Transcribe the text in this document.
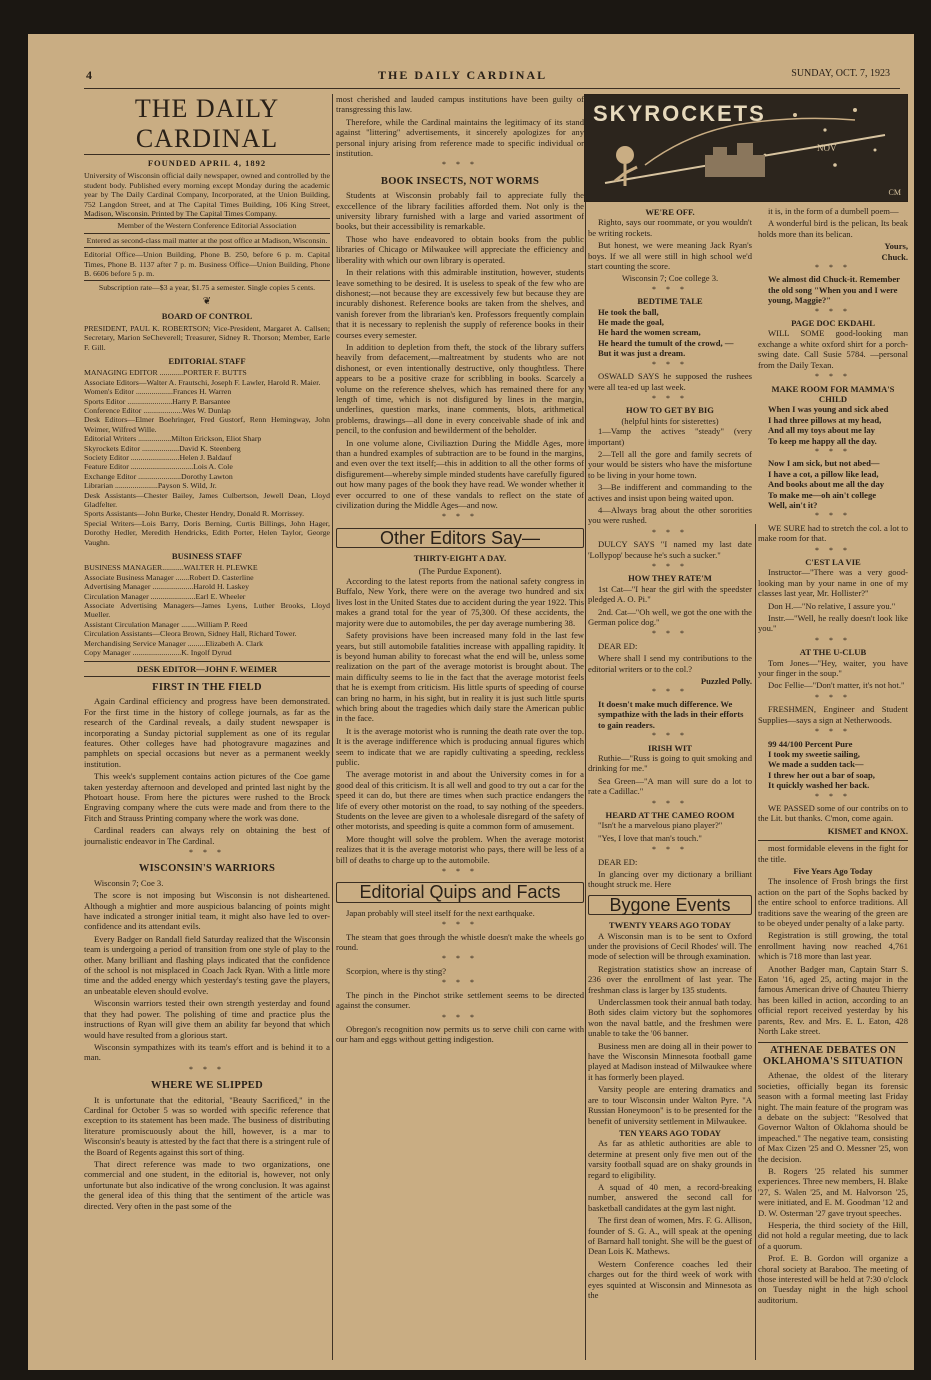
4	THE DAILY CARDINAL	SUNDAY, OCT. 7, 1923
THE DAILY CARDINAL
FOUNDED APRIL 4, 1892
University of Wisconsin official daily newspaper, owned and controlled by the student body. Published every morning except Monday during the academic year by The Daily Cardinal Company, Incorporated, at the Union Building, 752 Langdon Street, and at The Capital Times Building, 106 King Street, Madison, Wisconsin. Printed by The Capital Times Company.
Member of the Western Conference Editorial Association
Entered as second-class mail matter at the post office at Madison, Wisconsin.
Editorial Office—Union Building, Phone B. 250, before 6 p. m. Capital Times, Phone B. 1137 after 7 p. m. Business Office—Union Building, Phone B. 6606 before 5 p. m.
Subscription rate—$3 a year, $1.75 a semester. Single copies 5 cents.
❦
BOARD OF CONTROL
PRESIDENT, PAUL K. ROBERTSON; Vice-President, Margaret A. Callsen; Secretary, Marion SeCheverell; Treasurer, Sidney R. Thorson; Member, Earle F. Gill.
EDITORIAL STAFF
MANAGING EDITOR ............PORTER F. BUTTS
Associate Editors—Walter A. Frautschi, Joseph F. Lawler, Harold R. Maier.
Women's Editor ...................Frances H. Warren
Sports Editor .......................Harry P. Barsantee
Conference Editor ....................Wes W. Dunlap
Desk Editors—Elmer Boehringer, Fred Gustorf, Renn Hemingway, John Weimer, Wilfred Wille.
Editorial Writers .................Milton Erickson, Eliot Sharp
Skyrockets Editor ...................David K. Steenberg
Society Editor .........................Helen J. Baldauf
Feature Editor ................................Lois A. Cole
Exchange Editor ......................Dorothy Lawton
Librarian ......................Payson S. Wild, Jr.
Desk Assistants—Chester Bailey, James Culbertson, Jewell Dean, Lloyd Gladfelter.
Sports Assistants—John Burke, Chester Hendry, Donald R. Morrissey.
Special Writers—Lois Barry, Doris Berning, Curtis Billings, John Hager, Dorothy Hedler, Meredith Hendricks, Edith Porter, Helen Taylor, George Vaughn.
BUSINESS STAFF
BUSINESS MANAGER...........WALTER H. PLEWKE
Associate Business Manager .......Robert D. Casterline
Advertising Manager .....................Harold H. Laskey
Circulation Manager .......................Earl E. Wheeler
Associate Advertising Managers—James Lyens, Luther Brooks, Lloyd Mueller.
Assistant Circulation Manager ........William P. Reed
Circulation Assistants—Cleora Brown, Sidney Hall, Richard Tower.
Merchandising Service Manager .........Elizabeth A. Clark
Copy Manager .........................K. Ingolf Dyrud
DESK EDITOR—JOHN F. WEIMER
FIRST IN THE FIELD

Again Cardinal efficiency and progress have been demonstrated. For the first time in the history of college journals, as far as the research of the Cardinal reveals, a daily student newspaper is incorporating a Sunday pictorial supplement as one of its regular features. Other colleges have had photogravure magazines and pamphlets on special occasions but never as a permanent weekly institution.

This week's supplement contains action pictures of the Coe game taken yesterday afternoon and developed and printed last night by the Photoart house. From here the pictures were rushed to the Brock Engraving company where the cuts were made and from there to the Fitch and Strauss Printing company where the work was done.

Cardinal readers can always rely on obtaining the best of journalistic endeavor in The Cardinal.

* * *
WISCONSIN'S WARRIORS

Wisconsin 7; Coe 3.

The score is not imposing but Wisconsin is not disheartened. Although a mightier and more auspicious balancing of points might have indicated a stronger initial team, it might also have led to over-confidence and its attendant evils.

Every Badger on Randall field Saturday realized that the Wisconsin team is undergoing a period of transition from one style of play to the other. Many brilliant and flashing plays indicated that the confidence of the school is not misplaced in Coach Jack Ryan. With a little more time and the added energy which yesterday's testing gave the players, an unbeatable eleven should evolve.

Wisconsin warriors tested their own strength yesterday and found that they had power. The polishing of time and practice plus the instructions of Ryan will give them an ability far beyond that which would have resulted from a glorious start.

Wisconsin sympathizes with its team's effort and is behind it to a man.

* * *
WHERE WE SLIPPED

It is unfortunate that the editorial, "Beauty Sacrificed," in the Cardinal for October 5 was so worded with specific reference that exception to its statement has been made. The business of distributing literature promiscuously about the hill, however, is a mar to Wisconsin's beauty is attested by the fact that there is a stringent rule of the Board of Regents against this sort of thing.

That direct reference was made to two organizations, one commercial and one student, in the editorial is, however, not only unfortunate but also indicative of the wrong conclusion. It was against the general idea of this thing that the sentiment of the article was directed. Very often in the past some of the

most cherished and lauded campus institutions have been guilty of transgressing this law.

Therefore, while the Cardinal maintains the legitimacy of its stand against "littering" advertisements, it sincerely apologizes for any personal injury arising from reference made to specific individual or institution.

* * *
BOOK INSECTS, NOT WORMS

Students at Wisconsin probably fail to appreciate fully the exccellence of the library facilities afforded them. Not only is the university library furnished with a large and varied assortment of books, but their accessibility is remarkable.

Those who have endeavored to obtain books from the public libraries of Chicago or Milwaukee will appreciate the efficiency and liberality with which our own library is operated.

In their relations with this admirable institution, however, students leave something to be desired. It is useless to speak of the few who are dishonest;—not because they are excessively few but because they are incurably dishonest. Reference books are taken from the shelves, and vanish forever from the librarian's ken. Professors frequently complain that it is necessary to replenish the supply of reference books in their courses every semester.

In addition to depletion from theft, the stock of the library suffers heavily from defacement,—maltreatment by students who are not dishonest, or even intentionally destructive, only thoughtless. There appears to be a positive craze for scribbling in books. Scarcely a volume on the reference shelves, which has remained there for any length of time, which is not disfigured by lines in the margin, underlines, question marks, inane comments, blots, arithmetical problems, drawings—all done in every conceivable shade of ink and pencil, to the confusion and bewilderment of the beholder.

In one volume alone, Civiliaztion During the Middle Ages, more than a hundred examples of subtraction are to be found in the margins, and even over the text itself;—this in addition to all the other forms of disfigurement—whereby simple minded students have carefully figured out how many pages of the book they have read. We wonder whether it ever occurred to one of these vandals to reflect on the state of civilization during the Middle Ages—and now.

* * *
Other Editors Say—
THIRTY-EIGHT A DAY.
(The Purdue Exponent).

According to the latest reports from the national safety congress in Buffalo, New York, there were on the average two hundred and six lives lost in the United States due to accident during the year 1922. This makes a grand total for the year of 75,300. Of these accidents, the majority were due to automobiles, the per day average numbering 38.

Safety provisions have been increased many fold in the last few years, but still automobile fatalities increase with appalling rapidity. It is beyond human ability to forecast what the end will be, unless some realization on the part of the average motorist is brought about. The main difficulty seems to lie in the fact that the average motorist feels that he is exempt from criticism. His little spurts of speeding of course can bring no harm, in his sight, but in reality it is just such little spurts which bring about the tragedies which daily stare the American public in the face.

It is the average motorist who is running the death rate over the top. It is the average indifference which is producing annual figures which seem to indicate that we are rapidly cultivating a speeding, reckless public.

The average motorist in and about the University comes in for a good deal of this criticism. It is all well and good to try out a car for the speed it can do, but there are times when such practice endangers the life of every other motorist on the road, to say nothing of the speeders. Students on the levee are given to a wholesale disregard of the safety of other motorists, and speeding is quite a common form of amusement.

More thought will solve the problem. When the average motorist realizes that it is the average motorist who pays, there will be less of a bill of deaths to charge up to the automobile.

* * *
Editorial Quips and Facts

Japan probably will steel itself for the next earthquake.

* * *

The steam that goes through the whistle doesn't make the wheels go round.

* * *

Scorpion, where is thy sting?

* * *

The pinch in the Pinchot strike settlement seems to be directed against the consumer.

* * *

Obregon's recognition now permits us to serve chili con carne with our ham and eggs without getting indigestion.

SKYROCKETS
NOV
CM
WE'RE OFF.

Righto, says our roommate, or you wouldn't be writing rockets.

But honest, we were meaning Jack Ryan's boys. If we all were still in high school we'd start counting the score.

Wisconsin 7; Coe college 3.
* * *
BEDTIME TALE
He took the ball,
He made the goal,
He hard the women scream,
He heard the tumult of the crowd, —
But it was just a dream.
* * *

OSWALD SAYS he supposed the rushees were all tea-ed up last week.

* * *
HOW TO GET BY BIG
(helpful hints for sisterettes)

1—Vamp the actives "steady" (very important)

2—Tell all the gore and family secrets of your would be sisters who have the misfortune to be living in your home town.

3—Be indifferent and commanding to the actives and insist upon being waited upon.

4—Always brag about the other sororities you were rushed.

* * *

DULCY SAYS "I named my last date 'Lollypop' because he's such a sucker."

* * *
HOW THEY RATE'M

1st Cat—"I hear the girl with the speedster pledged A. O. Pi."

2nd. Cat—"Oh well, we got the one with the German police dog."

* * *

DEAR ED:

Where shall I send my contributions to the editorial writers or to the col.?

Puzzled Polly.
* * *
It doesn't make much difference. We sympathize with the lads in their efforts to gain readers.
* * *
IRISH WIT

Ruthie—"Russ is going to quit smoking and drinking for me."

Sea Green—"A man will sure do a lot to rate a Cadillac."

* * *
HEARD AT THE CAMEO ROOM

"Isn't he a marvelous piano player?"

"Yes, I love that man's touch."

* * *

DEAR ED:

In glancing over my dictionary a brilliant thought struck me. Here

Bygone Events
TWENTY YEARS AGO TODAY

A Wisconsin man is to be sent to Oxford under the provisions of Cecil Rhodes' will. The mode of selection will be through examination.

Registration statistics show an increase of 236 over the enrollment of last year. The freshman class is larger by 135 students.

Underclassmen took their annual bath today. Both sides claim victory but the sophomores won the naval battle, and the freshmen were unable to take the '06 banner.

Business men are doing all in their power to have the Wisconsin Minnesota football game played at Madison instead of Milwaukee where it has formerly been played.

Varsity people are entering dramatics and are to tour Wisconsin under Walton Pyre. "A Russian Honeymoon" is to be presented for the benefit of university settlement in Milwaukee.

TEN YEARS AGO TODAY

As far as athletic authorities are able to determine at present only five men out of the varsity football squad are on shaky grounds in regard to eligibility.

A squad of 40 men, a record-breaking number, answered the second call for basketball candidates at the gym last night.

The first dean of women, Mrs. F. G. Allison, founder of S. G. A., will speak at the opening of Barnard hall tonight. She will be the guest of Dean Lois K. Mathews.

Western Conference coaches led their charges out for the third week of work with eyes squinted at Wisconsin and Minnesota as the

it is, in the form of a dumbell poem—

A wonderful bird is the pelican, Its beak holds more than its belican.

Yours,
Chuck.
* * *
We almost did Chuck-it. Remember the old song "When you and I were young, Maggie?"
* * *
PAGE DOC EKDAHL

WILL SOME good-looking man exchange a white oxford shirt for a porch-swing date. Call Susie 5784. —personal from the Daily Texan.

* * *
MAKE ROOM FOR MAMMA'S CHILD
When I was young and sick abed
I had three pillows at my head,
And all my toys about me lay
To keep me happy all the day.
* * *
Now I am sick, but not abed—
I have a cot, a pillow like lead,
And books about me all the day
To make me—oh ain't college
Well, ain't it?
* * *

WE SURE had to stretch the col. a lot to make room for that.

* * *
C'EST LA VIE

Instructor—"There was a very good-looking man by your name in one of my classes last year, Mr. Hollister?"

Don H.—"No relative, I assure you."

Instr.—"Well, he really doesn't look like you."

* * *
AT THE U-CLUB

Tom Jones—"Hey, waiter, you have your finger in the soup."

Doc Fellie—"Don't matter, it's not hot."

* * *

FRESHMEN, Engineer and Student Supplies—says a sign at Netherwoods.

* * *
99 44/100 Percent Pure
I took my sweetie sailing,
We made a sudden tack—
I threw her out a bar of soap,
It quickly washed her back.
* * *

WE PASSED some of our contribs on to the Lit. but thanks. C'mon, come again.

KISMET and KNOX.

most formidable elevens in the fight for the title.

Five Years Ago Today

The insolence of Frosh brings the first action on the part of the Sophs backed by the entire school to enforce traditions. All traditions save the wearing of the green are to be obeyed under penalty of a lake party.

Registration is still growing, the total enrollment having now reached 4,761 which is 718 more than last year.

Another Badger man, Captain Starr S. Eaton '16, aged 25, acting major in the famous American drive of Chauteu Thierry has been killed in action, according to an official report received yesterday by his parents, Rev. and Mrs. E. L. Eaton, 428 North Lake street.

ATHENAE DEBATES ON OKLAHOMA'S SITUATION

Athenae, the oldest of the literary societies, officially began its forensic season with a formal meeting last Friday night. The main feature of the program was a debate on the subject: "Resolved that Governor Walton of Oklahoma should be impeached." The negative team, consisting of Max Cizen '25 and O. Messner '25, won the decision.

B. Rogers '25 related his summer experiences. Three new members, H. Blake '27, S. Walen '25, and M. Halvorson '25, were initiated, and E. M. Goodman '12 and D. W. Osterman '27 gave tryout speeches.

Hesperia, the third society of the Hill, did not hold a regular meeting, due to lack of a quorum.

Prof. E. B. Gordon will organize a choral society at Baraboo. The meeting of those interested will be held at 7:30 o'clock on Tuesday night in the high school auditorium.
